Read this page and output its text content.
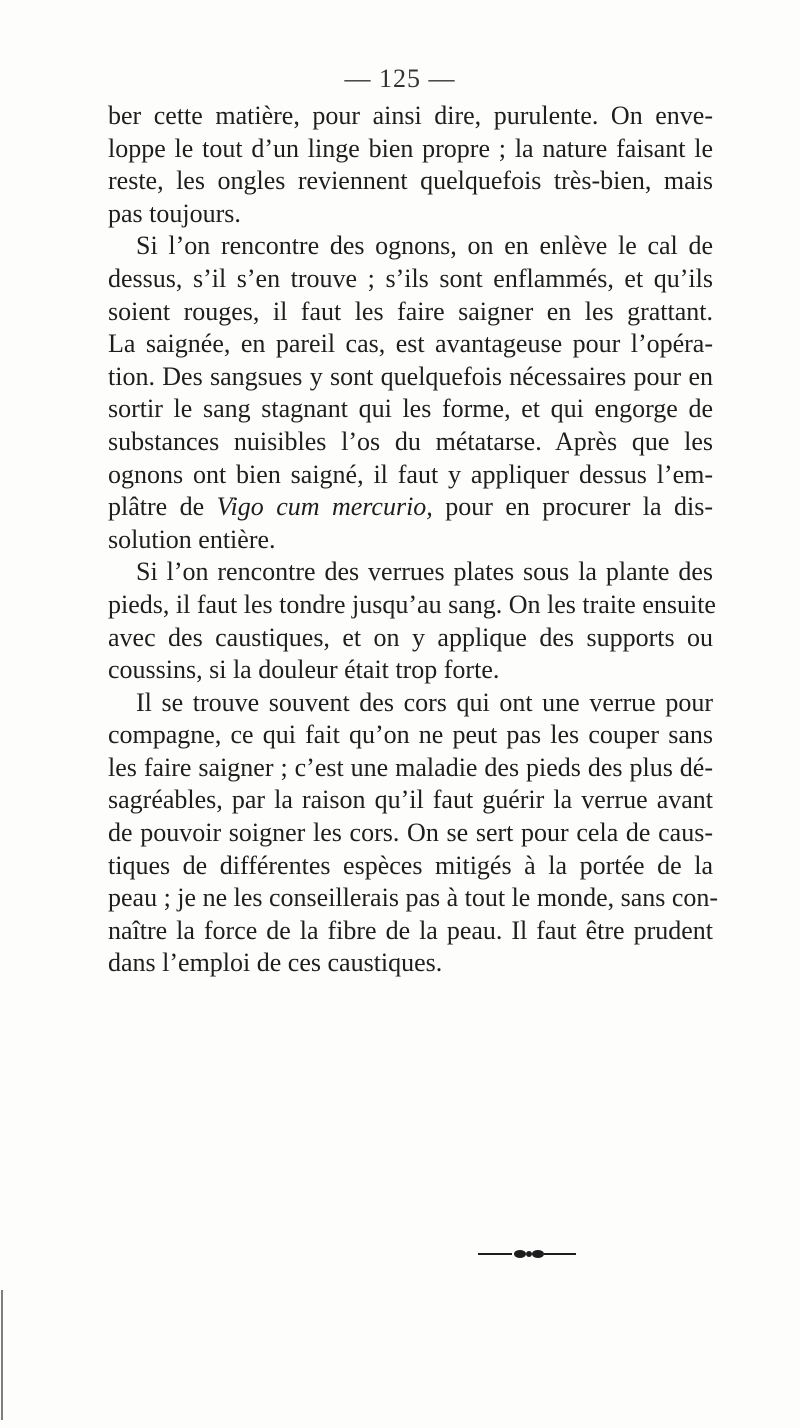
— 125 —
ber cette matière, pour ainsi dire, purulente. On enve-
loppe le tout d’un linge bien propre ; la nature faisant le
reste, les ongles reviennent quelquefois très-bien, mais
pas toujours.
Si l’on rencontre des ognons, on en enlève le cal de
dessus, s’il s’en trouve ; s’ils sont enflammés, et qu’ils
soient rouges, il faut les faire saigner en les grattant.
La saignée, en pareil cas, est avantageuse pour l’opéra-
tion. Des sangsues y sont quelquefois nécessaires pour en
sortir le sang stagnant qui les forme, et qui engorge de
substances nuisibles l’os du métatarse. Après que les
ognons ont bien saigné, il faut y appliquer dessus l’em-
plâtre de Vigo cum mercurio, pour en procurer la dis-
solution entière.
Si l’on rencontre des verrues plates sous la plante des
pieds, il faut les tondre jusqu’au sang. On les traite ensuite
avec des caustiques, et on y applique des supports ou
coussins, si la douleur était trop forte.
Il se trouve souvent des cors qui ont une verrue pour
compagne, ce qui fait qu’on ne peut pas les couper sans
les faire saigner ; c’est une maladie des pieds des plus dé-
sagréables, par la raison qu’il faut guérir la verrue avant
de pouvoir soigner les cors. On se sert pour cela de caus-
tiques de différentes espèces mitigés à la portée de la
peau ; je ne les conseillerais pas à tout le monde, sans con-
naître la force de la fibre de la peau. Il faut être prudent
dans l’emploi de ces caustiques.
